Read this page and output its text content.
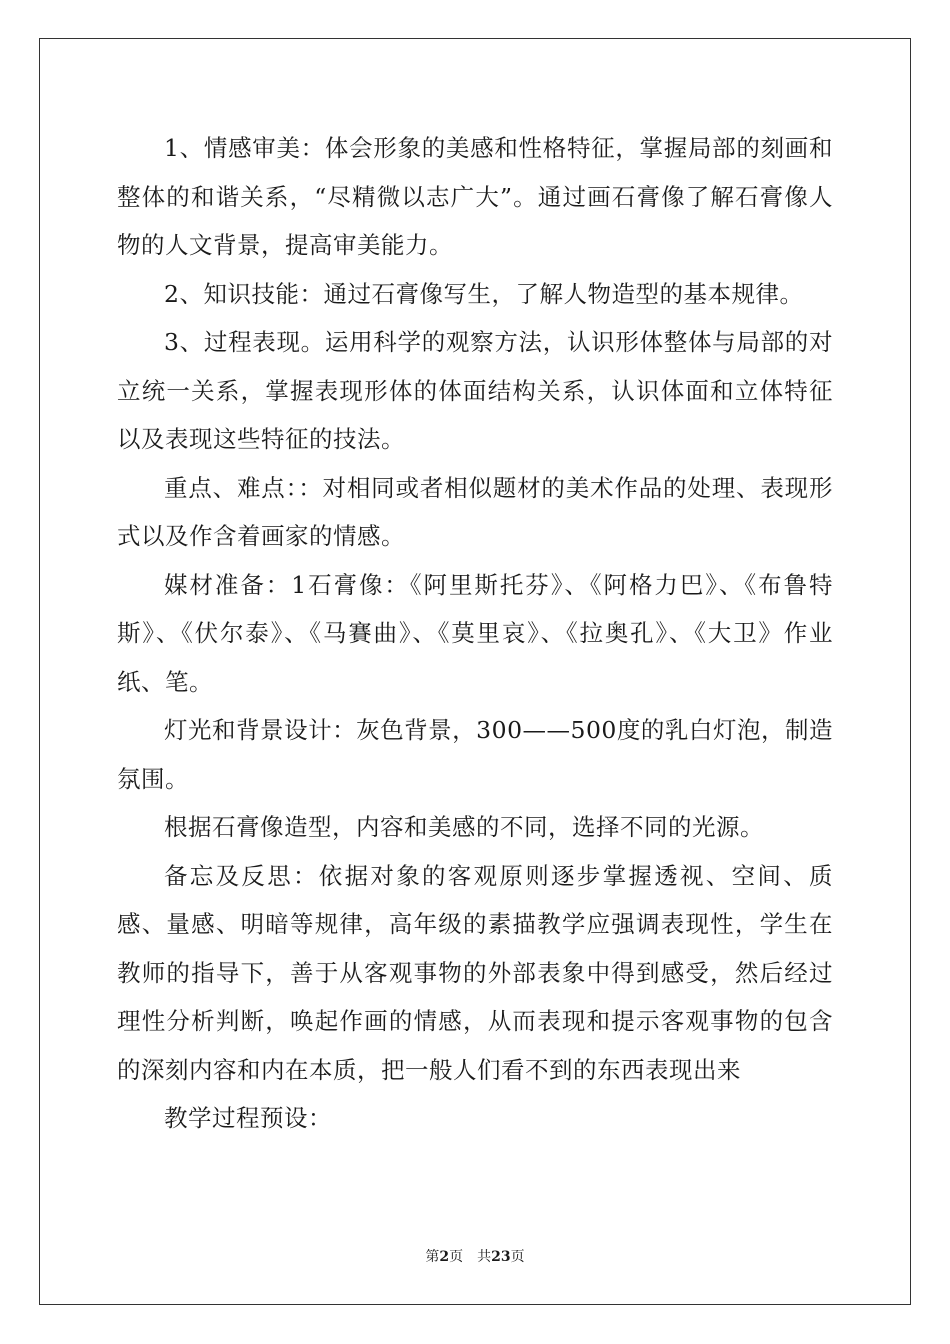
1、情感审美：体会形象的美感和性格特征，掌握局部的刻画和整体的和谐关系，“尽精微以志广大”。通过画石膏像了解石膏像人物的人文背景，提高审美能力。

2、知识技能：通过石膏像写生，了解人物造型的基本规律。

3、过程表现。运用科学的观察方法，认识形体整体与局部的对立统一关系，掌握表现形体的体面结构关系，认识体面和立体特征以及表现这些特征的技法。

重点、难点：：对相同或者相似题材的美术作品的处理、表现形式以及作含着画家的情感。

媒材准备：1石膏像：《阿里斯托芬》、《阿格力巴》、《布鲁特斯》、《伏尔泰》、《马賽曲》、《莫里哀》、《拉奥孔》、《大卫》作业纸、笔。

灯光和背景设计：灰色背景，300——500度的乳白灯泡，制造氛围。

根据石膏像造型，内容和美感的不同，选择不同的光源。

备忘及反思：依据对象的客观原则逐步掌握透视、空间、质感、量感、明暗等规律，高年级的素描教学应强调表现性，学生在教师的指导下，善于从客观事物的外部表象中得到感受，然后经过理性分析判断，唤起作画的情感，从而表现和提示客观事物的包含的深刻内容和内在本质，把一般人们看不到的东西表现出来

教学过程预设：

第2页 共23页
